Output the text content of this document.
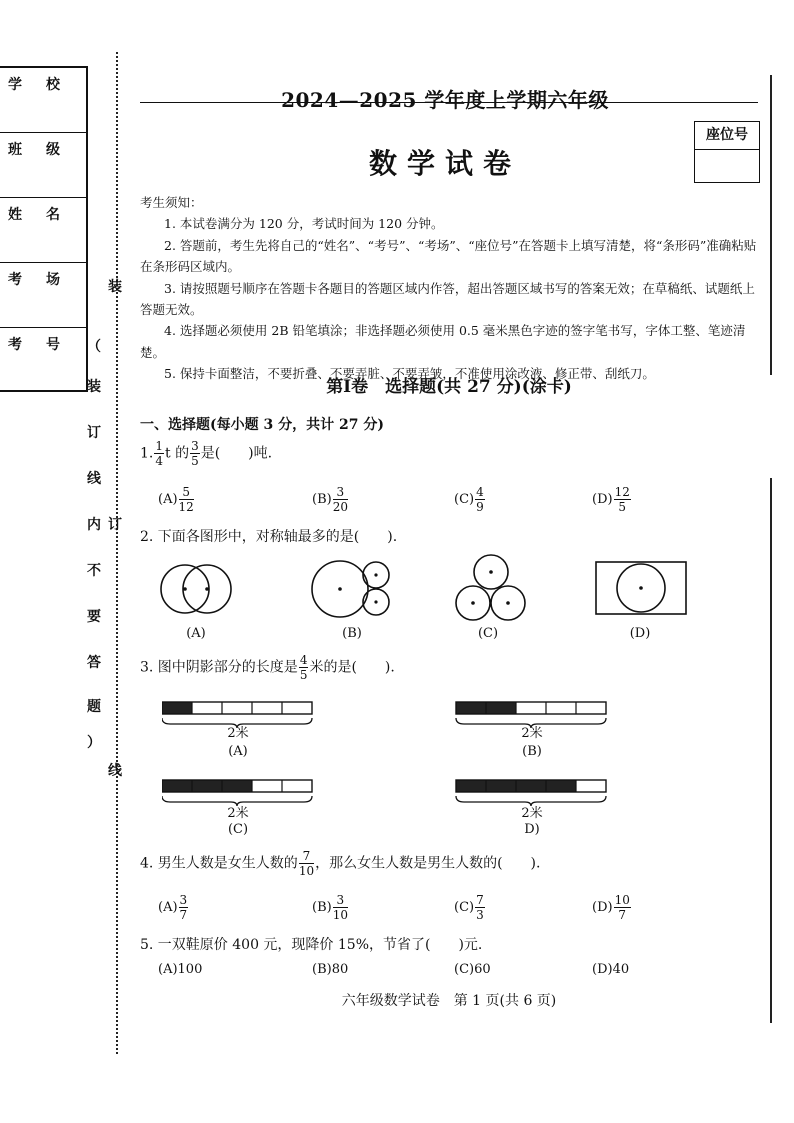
学校
班级
姓名
考场
考号
装
订
线
（
装
订
线
内
不
要
答
题
）
2024—2025 学年度上学期六年级
数学试卷
座位号

考生须知：

1. 本试卷满分为 120 分，考试时间为 120 分钟。

2. 答题前，考生先将自己的“姓名”、“考号”、“考场”、“座位号”在答题卡上填写清楚，将“条形码”准确粘贴在条形码区域内。

3. 请按照题号顺序在答题卡各题目的答题区域内作答，超出答题区域书写的答案无效；在草稿纸、试题纸上答题无效。

4. 选择题必须使用 2B 铅笔填涂；非选择题必须使用 0.5 毫米黑色字迹的签字笔书写，字体工整、笔迹清楚。

5. 保持卡面整洁，不要折叠、不要弄脏、不要弄皱，不准使用涂改液、修正带、刮纸刀。

第Ⅰ卷　选择题(共 27 分)(涂卡)
一、选择题(每小题 3 分，共计 27 分)
1. $\frac{1}{4}$ t 的 $\frac{3}{5}$ 是(　　)吨.
$(A) \frac{5}{12}$	$(B) \frac{3}{20}$	$(C) \frac{4}{9}$	$(D) \frac{12}{5}$
2. 下面各图形中，对称轴最多的是(　　).
(A)	(B)	(C)	(D)
3. 图中阴影部分的长度是 $\frac{4}{5}$ 米的是(　　).
2米	2米
2米	2米
(A)	(B)
(C)	D)
4. 男生人数是女生人数的 $\frac{7}{10}$ ，那么女生人数是男生人数的(　　).
$(A) \frac{3}{7}$	$(B) \frac{3}{10}$	$(C) \frac{7}{3}$	$(D) \frac{10}{7}$
5. 一双鞋原价 400 元，现降价 15%，节省了(　　)元.
(A)100	(B)80	(C)60	(D)40
六年级数学试卷　第 1 页(共 6 页)
